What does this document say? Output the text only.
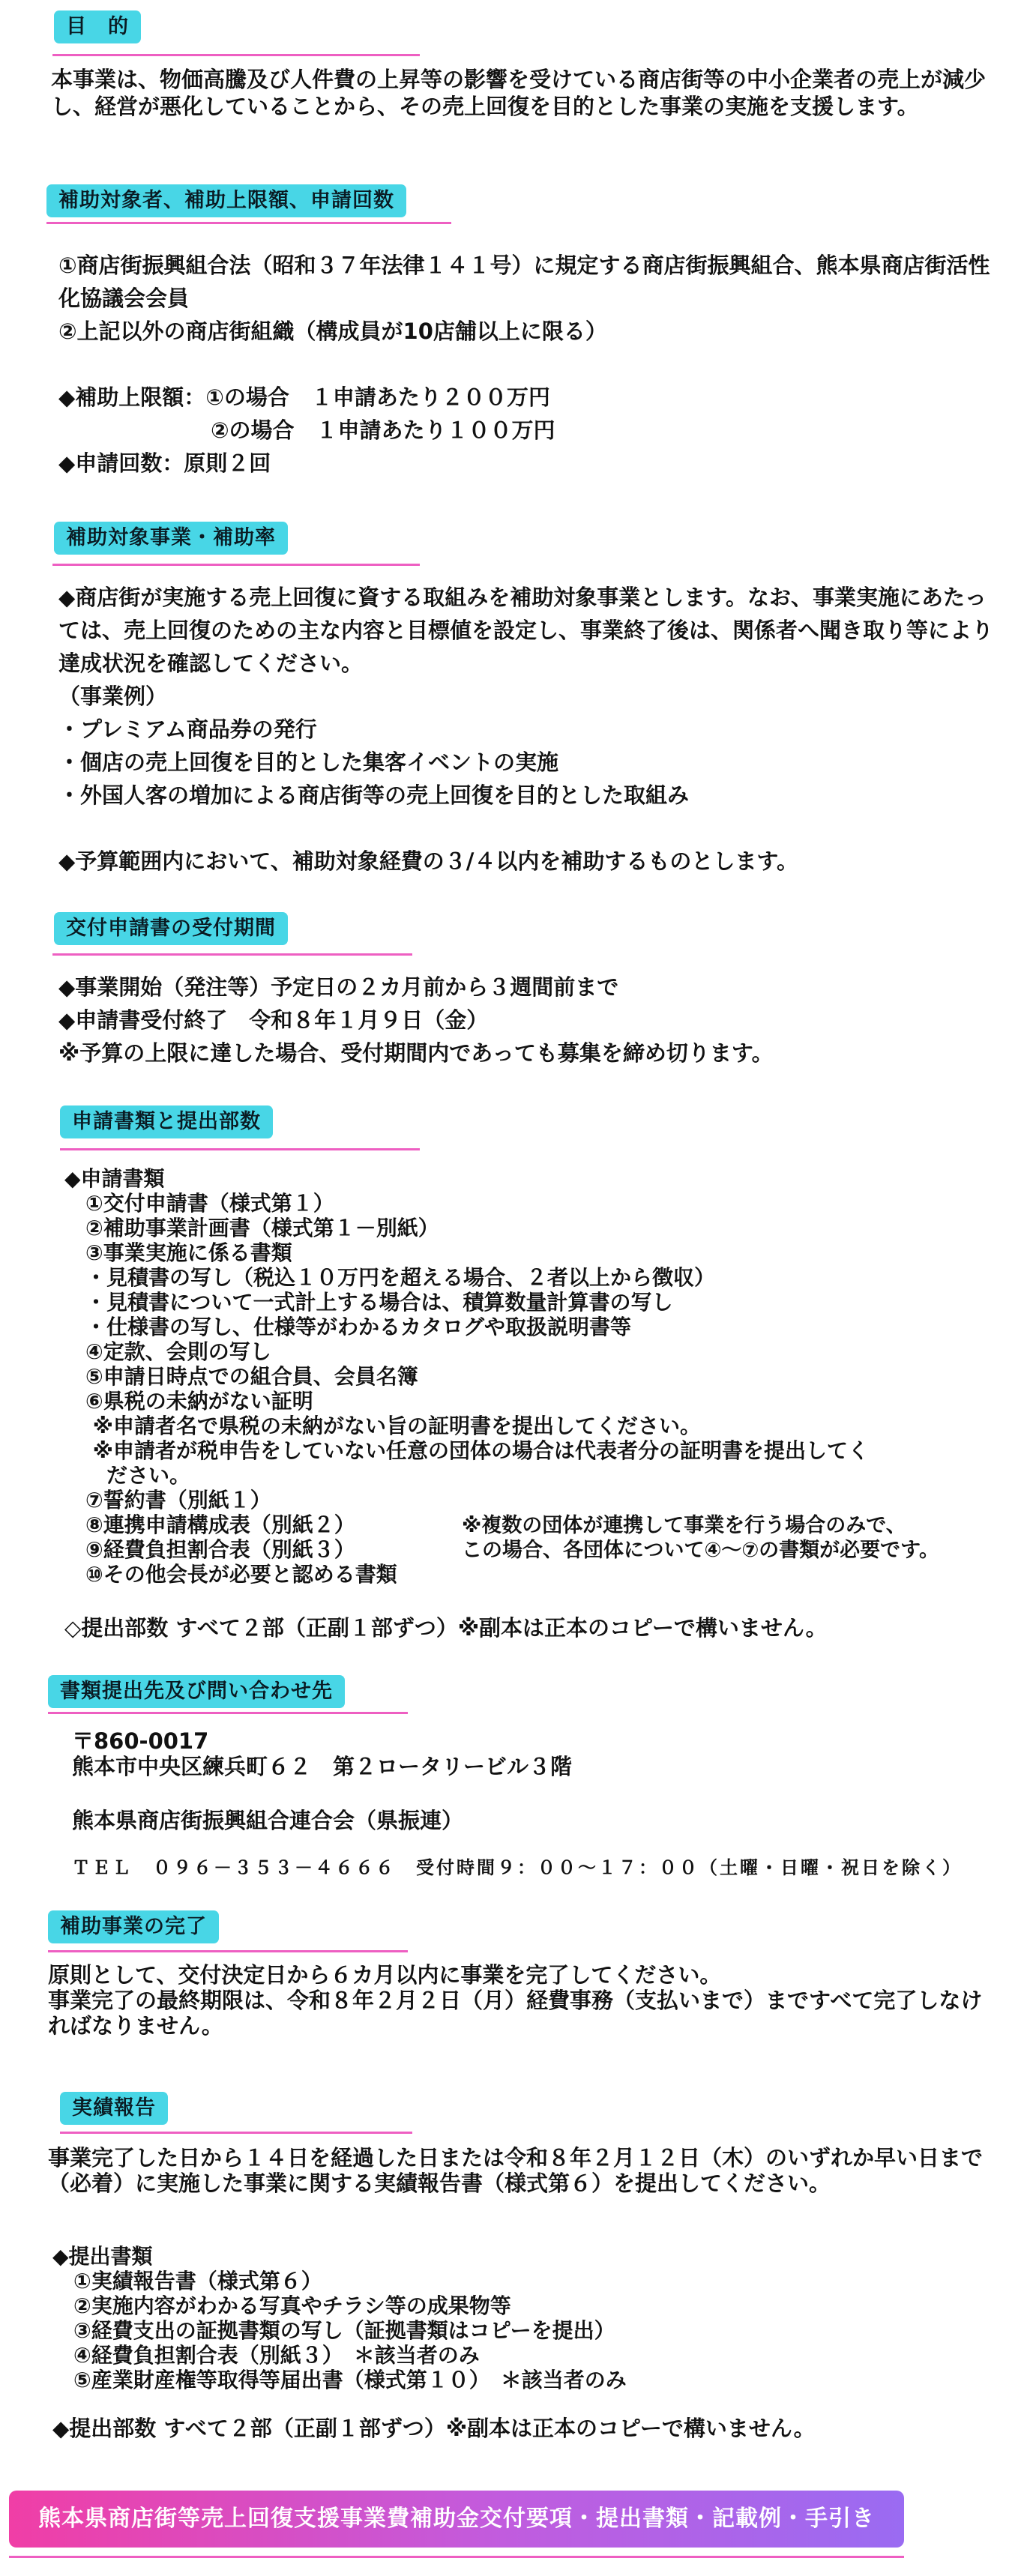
目　的
本事業は、物価高騰及び人件費の上昇等の影響を受けている商店街等の中小企業者の売上が減少し、経営が悪化していることから、その売上回復を目的とした事業の実施を支援します。
補助対象者、補助上限額、申請回数
①商店街振興組合法（昭和３７年法律１４１号）に規定する商店街振興組合、熊本県商店街活性化協議会会員
②上記以外の商店街組織（構成員が10店舗以上に限る）

◆補助上限額：①の場合　１申請あたり２００万円
　　　　　　　②の場合　１申請あたり１００万円
◆申請回数：原則２回
補助対象事業・補助率
◆商店街が実施する売上回復に資する取組みを補助対象事業とします。なお、事業実施にあたっては、売上回復のための主な内容と目標値を設定し、事業終了後は、関係者へ聞き取り等により達成状況を確認してください。
（事業例）
・プレミアム商品券の発行
・個店の売上回復を目的とした集客イベントの実施
・外国人客の増加による商店街等の売上回復を目的とした取組み

◆予算範囲内において、補助対象経費の３/４以内を補助するものとします。
交付申請書の受付期間
◆事業開始（発注等）予定日の２カ月前から３週間前まで
◆申請書受付終了　令和８年１月９日（金）
※予算の上限に達した場合、受付期間内であっても募集を締め切ります。
申請書類と提出部数
◆申請書類
　①交付申請書（様式第１）
　②補助事業計画書（様式第１－別紙）
　③事業実施に係る書類
　・見積書の写し（税込１０万円を超える場合、２者以上から徴収）
　・見積書について一式計上する場合は、積算数量計算書の写し
　・仕様書の写し、仕様等がわかるカタログや取扱説明書等
　④定款、会則の写し
　⑤申請日時点での組合員、会員名簿
　⑥県税の未納がない証明
　 ※申請者名で県税の未納がない旨の証明書を提出してください。
　 ※申請者が税申告をしていない任意の団体の場合は代表者分の証明書を提出してく
　　ださい。
　⑦誓約書（別紙１）
　⑧連携申請構成表（別紙２）
　⑨経費負担割合表（別紙３）
　⑩その他会長が必要と認める書類
※複数の団体が連携して事業を行う場合のみで、
この場合、各団体について④～⑦の書類が必要です。
◇提出部数 すべて２部（正副１部ずつ）※副本は正本のコピーで構いません。
書類提出先及び問い合わせ先
〒860-0017
熊本市中央区練兵町６２　第２ロータリービル３階
熊本県商店街振興組合連合会（県振連）
ＴＥＬ　０９６－３５３－４６６６　受付時間９：００～１７：００（土曜・日曜・祝日を除く）
補助事業の完了
原則として、交付決定日から６カ月以内に事業を完了してください。
事業完了の最終期限は、令和８年２月２日（月）経費事務（支払いまで）まですべて完了しなければなりません。
実績報告
事業完了した日から１４日を経過した日または令和８年２月１２日（木）のいずれか早い日まで（必着）に実施した事業に関する実績報告書（様式第６）を提出してください。
◆提出書類
　①実績報告書（様式第６）
　②実施内容がわかる写真やチラシ等の成果物等
　③経費支出の証拠書類の写し（証拠書類はコピーを提出）
　④経費負担割合表（別紙３）　＊該当者のみ
　⑤産業財産権等取得等届出書（様式第１０）　＊該当者のみ
◆提出部数 すべて２部（正副１部ずつ）※副本は正本のコピーで構いません。
熊本県商店街等売上回復支援事業費補助金交付要項・提出書類・記載例・手引き
